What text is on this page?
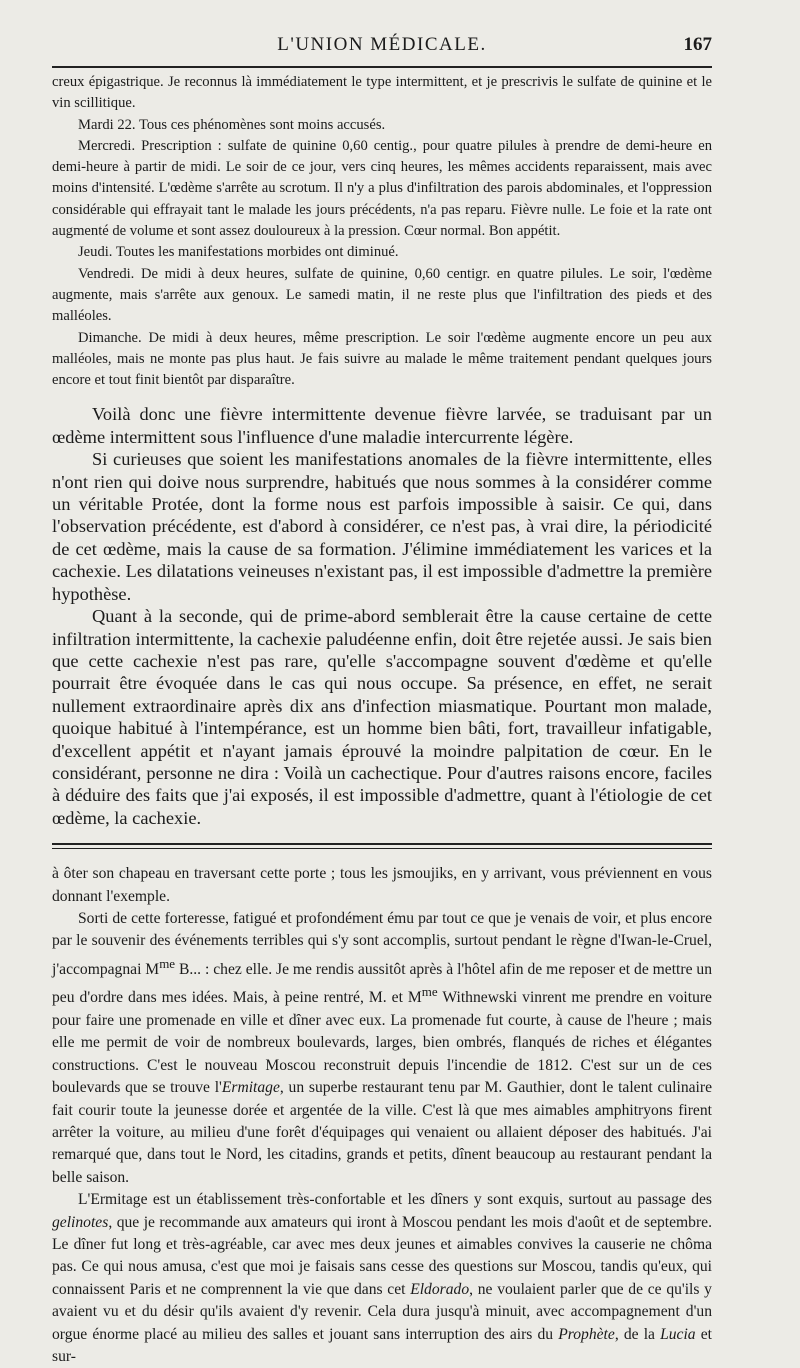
L'UNION MÉDICALE.	167

creux épigastrique. Je reconnus là immédiatement le type intermittent, et je prescrivis le sulfate de quinine et le vin scillitique.

Mardi 22. Tous ces phénomènes sont moins accusés.

Mercredi. Prescription : sulfate de quinine 0,60 centig., pour quatre pilules à prendre de demi-heure en demi-heure à partir de midi. Le soir de ce jour, vers cinq heures, les mêmes accidents reparaissent, mais avec moins d'intensité. L'œdème s'arrête au scrotum. Il n'y a plus d'infiltration des parois abdominales, et l'oppression considérable qui effrayait tant le malade les jours précédents, n'a pas reparu. Fièvre nulle. Le foie et la rate ont augmenté de volume et sont assez douloureux à la pression. Cœur normal. Bon appétit.

Jeudi. Toutes les manifestations morbides ont diminué.

Vendredi. De midi à deux heures, sulfate de quinine, 0,60 centigr. en quatre pilules. Le soir, l'œdème augmente, mais s'arrête aux genoux. Le samedi matin, il ne reste plus que l'infiltration des pieds et des malléoles.

Dimanche. De midi à deux heures, même prescription. Le soir l'œdème augmente encore un peu aux malléoles, mais ne monte pas plus haut. Je fais suivre au malade le même traitement pendant quelques jours encore et tout finit bientôt par disparaître.

Voilà donc une fièvre intermittente devenue fièvre larvée, se traduisant par un œdème intermittent sous l'influence d'une maladie intercurrente légère.

Si curieuses que soient les manifestations anomales de la fièvre intermittente, elles n'ont rien qui doive nous surprendre, habitués que nous sommes à la considérer comme un véritable Protée, dont la forme nous est parfois impossible à saisir. Ce qui, dans l'observation précédente, est d'abord à considérer, ce n'est pas, à vrai dire, la périodicité de cet œdème, mais la cause de sa formation. J'élimine immédiatement les varices et la cachexie. Les dilatations veineuses n'existant pas, il est impossible d'admettre la première hypothèse.

Quant à la seconde, qui de prime-abord semblerait être la cause certaine de cette infiltration intermittente, la cachexie paludéenne enfin, doit être rejetée aussi. Je sais bien que cette cachexie n'est pas rare, qu'elle s'accompagne souvent d'œdème et qu'elle pourrait être évoquée dans le cas qui nous occupe. Sa présence, en effet, ne serait nullement extraordinaire après dix ans d'infection miasmatique. Pourtant mon malade, quoique habitué à l'intempérance, est un homme bien bâti, fort, travailleur infatigable, d'excellent appétit et n'ayant jamais éprouvé la moindre palpitation de cœur. En le considérant, personne ne dira : Voilà un cachectique. Pour d'autres raisons encore, faciles à déduire des faits que j'ai exposés, il est impossible d'admettre, quant à l'étiologie de cet œdème, la cachexie.

à ôter son chapeau en traversant cette porte ; tous les jsmoujiks, en y arrivant, vous préviennent en vous donnant l'exemple.

Sorti de cette forteresse, fatigué et profondément ému par tout ce que je venais de voir, et plus encore par le souvenir des événements terribles qui s'y sont accomplis, surtout pendant le règne d'Iwan-le-Cruel, j'accompagnai $M^{me}$ B... : chez elle. Je me rendis aussitôt après à l'hôtel afin de me reposer et de mettre un peu d'ordre dans mes idées. Mais, à peine rentré, M. et $M^{me}$ Withnewski vinrent me prendre en voiture pour faire une promenade en ville et dîner avec eux. La promenade fut courte, à cause de l'heure ; mais elle me permit de voir de nombreux boulevards, larges, bien ombrés, flanqués de riches et élégantes constructions. C'est le nouveau Moscou reconstruit depuis l'incendie de 1812. C'est sur un de ces boulevards que se trouve l'Ermitage, un superbe restaurant tenu par M. Gauthier, dont le talent culinaire fait courir toute la jeunesse dorée et argentée de la ville. C'est là que mes aimables amphitryons firent arrêter la voiture, au milieu d'une forêt d'équipages qui venaient ou allaient déposer des habitués. J'ai remarqué que, dans tout le Nord, les citadins, grands et petits, dînent beaucoup au restaurant pendant la belle saison.

L'Ermitage est un établissement très-confortable et les dîners y sont exquis, surtout au passage des gelinotes, que je recommande aux amateurs qui iront à Moscou pendant les mois d'août et de septembre. Le dîner fut long et très-agréable, car avec mes deux jeunes et aimables convives la causerie ne chôma pas. Ce qui nous amusa, c'est que moi je faisais sans cesse des questions sur Moscou, tandis qu'eux, qui connaissent Paris et ne comprennent la vie que dans cet Eldorado, ne voulaient parler que de ce qu'ils y avaient vu et du désir qu'ils avaient d'y revenir. Cela dura jusqu'à minuit, avec accompagnement d'un orgue énorme placé au milieu des salles et jouant sans interruption des airs du Prophète, de la Lucia et sur-
